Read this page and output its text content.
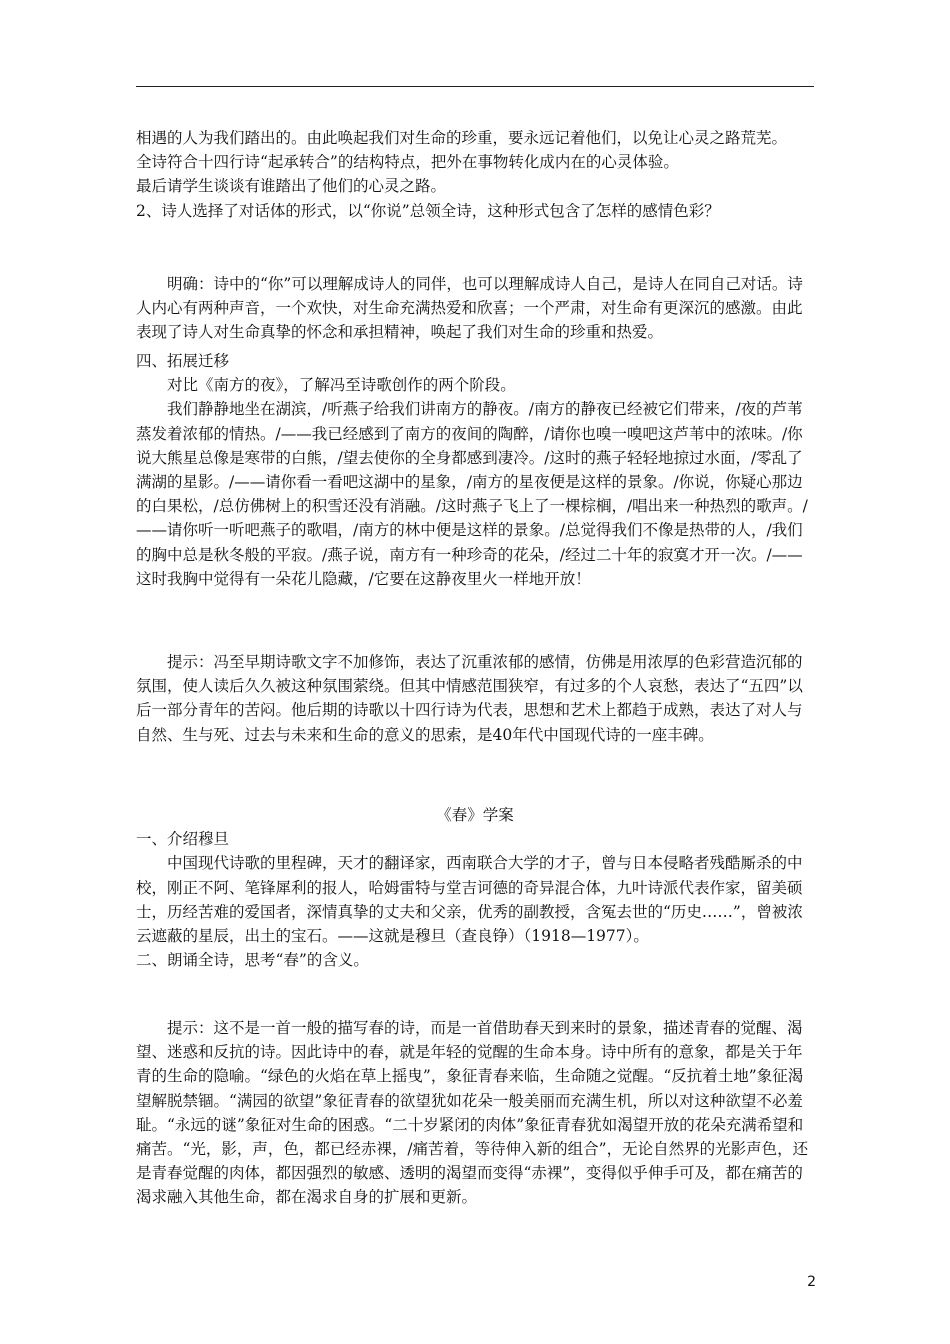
相遇的人为我们踏出的。由此唤起我们对生命的珍重，要永远记着他们，以免让心灵之路荒芜。

全诗符合十四行诗“起承转合”的结构特点，把外在事物转化成内在的心灵体验。

最后请学生谈谈有谁踏出了他们的心灵之路。

2、诗人选择了对话体的形式，以“你说”总领全诗，这种形式包含了怎样的感情色彩？

明确：诗中的“你”可以理解成诗人的同伴，也可以理解成诗人自己，是诗人在同自己对话。诗人内心有两种声音，一个欢快，对生命充满热爱和欣喜；一个严肃，对生命有更深沉的感激。由此表现了诗人对生命真挚的怀念和承担精神，唤起了我们对生命的珍重和热爱。

四、拓展迁移

对比《南方的夜》，了解冯至诗歌创作的两个阶段。

我们静静地坐在湖滨，/听燕子给我们讲南方的静夜。/南方的静夜已经被它们带来，/夜的芦苇蒸发着浓郁的情热。/——我已经感到了南方的夜间的陶醉，/请你也嗅一嗅吧这芦苇中的浓味。/你说大熊星总像是寒带的白熊，/望去使你的全身都感到凄冷。/这时的燕子轻轻地掠过水面，/零乱了满湖的星影。/——请你看一看吧这湖中的星象，/南方的星夜便是这样的景象。/你说，你疑心那边的白果松，/总仿佛树上的积雪还没有消融。/这时燕子飞上了一棵棕榈，/唱出来一种热烈的歌声。/——请你听一听吧燕子的歌唱，/南方的林中便是这样的景象。/总觉得我们不像是热带的人，/我们的胸中总是秋冬般的平寂。/燕子说，南方有一种珍奇的花朵，/经过二十年的寂寞才开一次。/——这时我胸中觉得有一朵花儿隐藏，/它要在这静夜里火一样地开放！

提示：冯至早期诗歌文字不加修饰，表达了沉重浓郁的感情，仿佛是用浓厚的色彩营造沉郁的氛围，使人读后久久被这种氛围萦绕。但其中情感范围狭窄，有过多的个人哀愁，表达了“五四”以后一部分青年的苦闷。他后期的诗歌以十四行诗为代表，思想和艺术上都趋于成熟，表达了对人与自然、生与死、过去与未来和生命的意义的思索，是40年代中国现代诗的一座丰碑。

《春》学案

一、介绍穆旦

中国现代诗歌的里程碑，天才的翻译家，西南联合大学的才子，曾与日本侵略者残酷厮杀的中校，刚正不阿、笔锋犀利的报人，哈姆雷特与堂吉诃德的奇异混合体，九叶诗派代表作家，留美硕士，历经苦难的爱国者，深情真挚的丈夫和父亲，优秀的副教授，含冤去世的“历史……”，曾被浓云遮蔽的星辰，出土的宝石。——这就是穆旦（查良铮）（1918—1977）。

二、朗诵全诗，思考“春”的含义。

提示：这不是一首一般的描写春的诗，而是一首借助春天到来时的景象，描述青春的觉醒、渴望、迷惑和反抗的诗。因此诗中的春，就是年轻的觉醒的生命本身。诗中所有的意象，都是关于年青的生命的隐喻。“绿色的火焰在草上摇曳”，象征青春来临，生命随之觉醒。“反抗着土地”象征渴望解脱禁锢。“满园的欲望”象征青春的欲望犹如花朵一般美丽而充满生机，所以对这种欲望不必羞耻。“永远的谜”象征对生命的困惑。“二十岁紧闭的肉体”象征青春犹如渴望开放的花朵充满希望和痛苦。“光，影，声，色，都已经赤裸，/痛苦着，等待伸入新的组合”，无论自然界的光影声色，还是青春觉醒的肉体，都因强烈的敏感、透明的渴望而变得“赤裸”，变得似乎伸手可及，都在痛苦的渴求融入其他生命，都在渴求自身的扩展和更新。

2
